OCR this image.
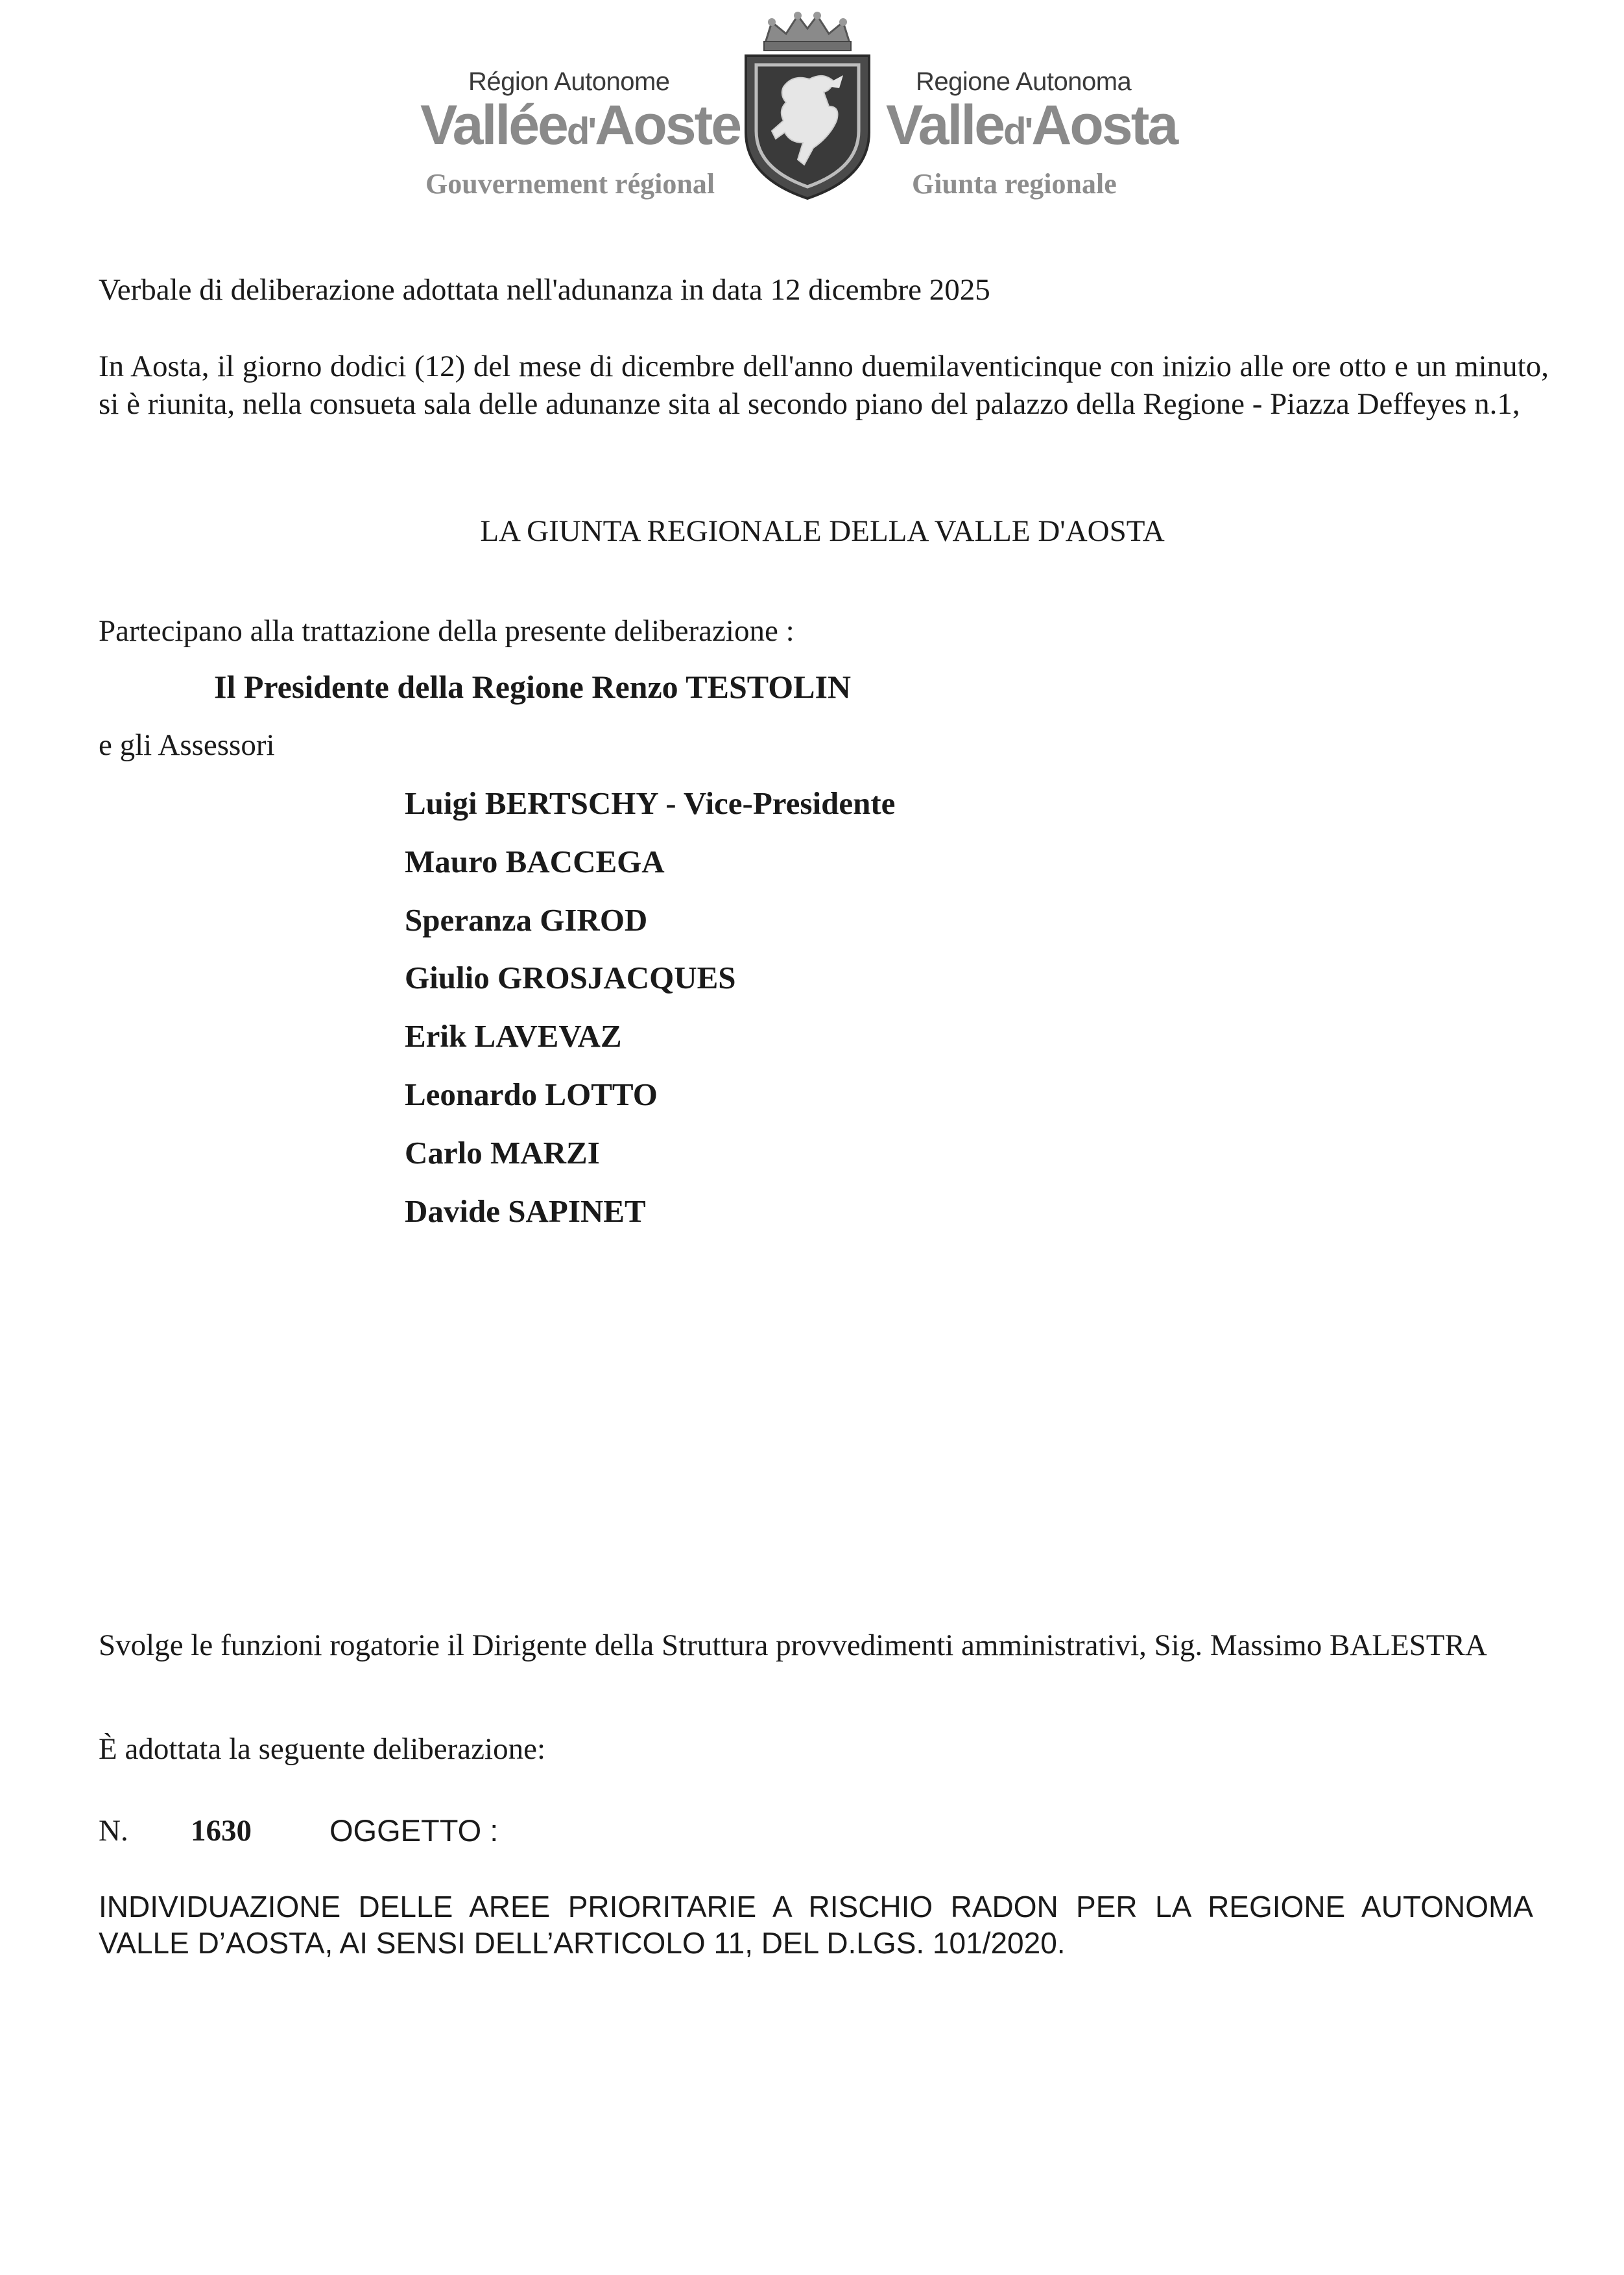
Région Autonome
Valléed'Aoste
Gouvernement régional
Regione Autonoma
Valled'Aosta
Giunta regionale
Verbale di deliberazione adottata nell'adunanza in data 12 dicembre 2025
In Aosta, il giorno dodici (12) del mese di dicembre dell'anno duemilaventicinque con inizio alle ore otto e un minuto, si è riunita, nella consueta sala delle adunanze sita al secondo piano del palazzo della Regione - Piazza Deffeyes n.1,
LA GIUNTA REGIONALE DELLA VALLE D'AOSTA
Partecipano alla trattazione della presente deliberazione :
Il Presidente della Regione Renzo TESTOLIN
e gli Assessori
Luigi BERTSCHY - Vice-Presidente
Mauro BACCEGA
Speranza GIROD
Giulio GROSJACQUES
Erik LAVEVAZ
Leonardo LOTTO
Carlo MARZI
Davide SAPINET
Svolge le funzioni rogatorie il Dirigente della Struttura provvedimenti amministrativi, Sig. Massimo BALESTRA
È adottata la seguente deliberazione:
N. 1630	OGGETTO :
INDIVIDUAZIONE DELLE AREE PRIORITARIE A RISCHIO RADON PER LA REGIONE AUTONOMA VALLE D’AOSTA, AI SENSI DELL’ARTICOLO 11, DEL D.LGS. 101/2020.
